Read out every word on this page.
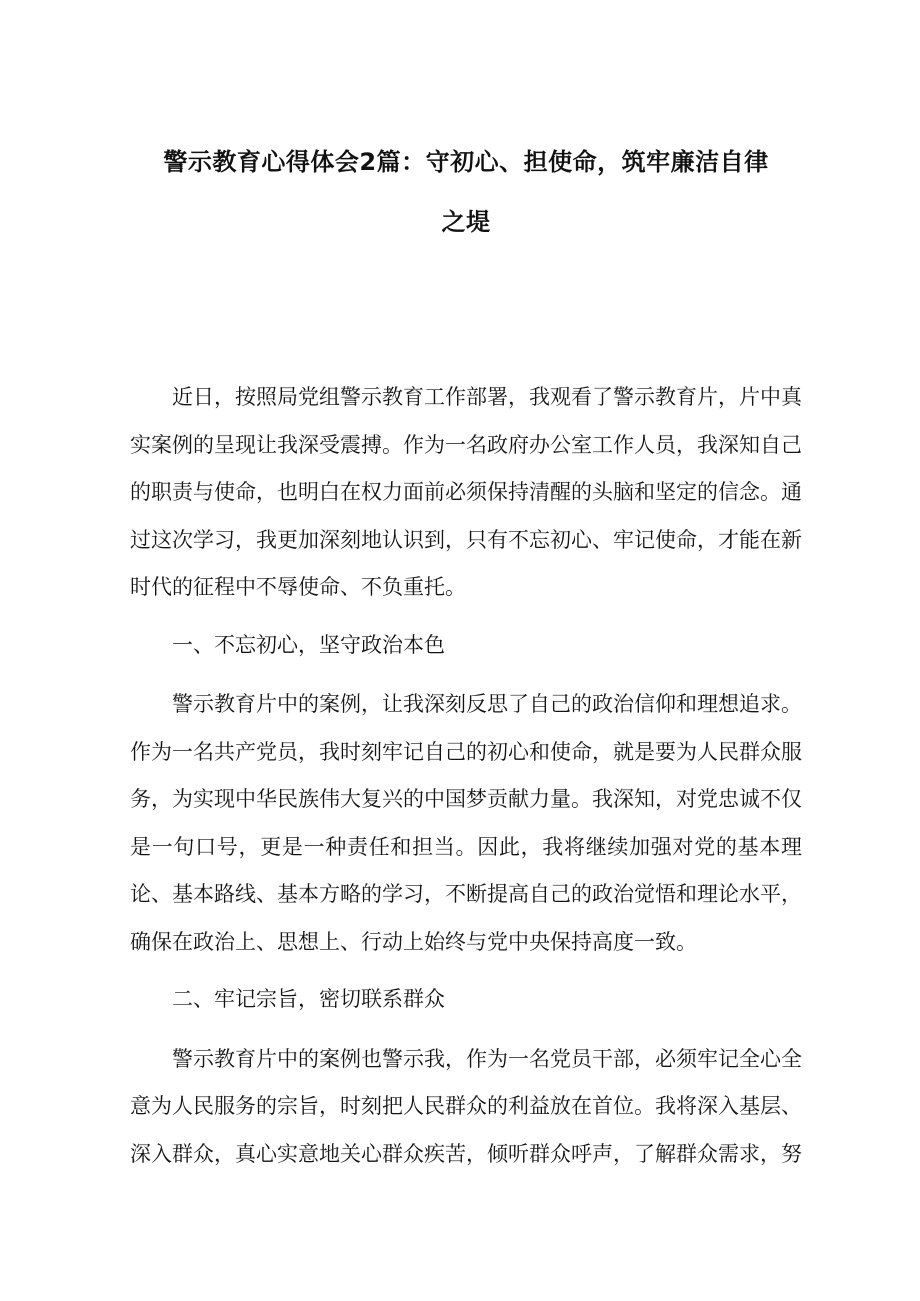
警示教育心得体会2篇：守初心、担使命，筑牢廉洁自律
之堤

近日，按照局党组警示教育工作部署，我观看了警示教育片，片中真实案例的呈现让我深受震搏。作为一名政府办公室工作人员，我深知自己的职责与使命，也明白在权力面前必须保持清醒的头脑和坚定的信念。通过这次学习，我更加深刻地认识到，只有不忘初心、牢记使命，才能在新时代的征程中不辱使命、不负重托。

一、不忘初心，坚守政治本色

警示教育片中的案例，让我深刻反思了自己的政治信仰和理想追求。作为一名共产党员，我时刻牢记自己的初心和使命，就是要为人民群众服务，为实现中华民族伟大复兴的中国梦贡献力量。我深知，对党忠诚不仅是一句口号，更是一种责任和担当。因此，我将继续加强对党的基本理论、基本路线、基本方略的学习，不断提高自己的政治觉悟和理论水平，确保在政治上、思想上、行动上始终与党中央保持高度一致。

二、牢记宗旨，密切联系群众

警示教育片中的案例也警示我，作为一名党员干部，必须牢记全心全意为人民服务的宗旨，时刻把人民群众的利益放在首位。我将深入基层、深入群众，真心实意地关心群众疾苦，倾听群众呼声，了解群众需求，努
